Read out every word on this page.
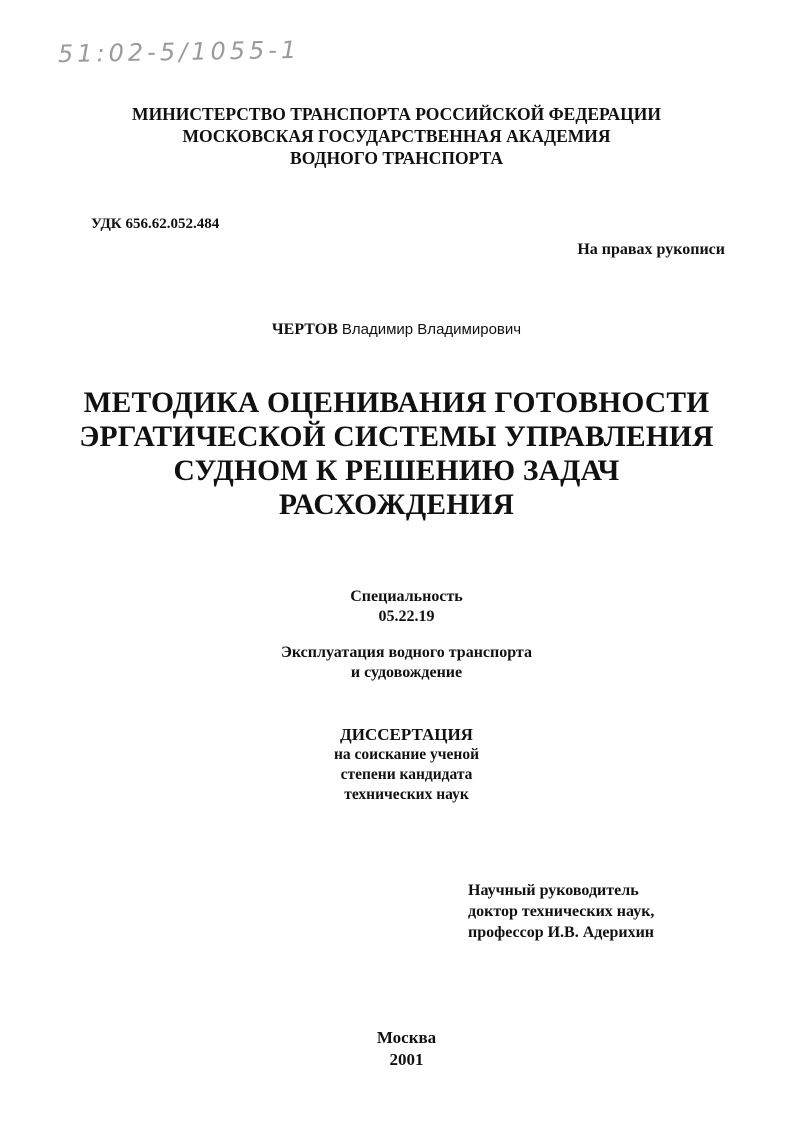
51:02-5/1055-1
МИНИСТЕРСТВО ТРАНСПОРТА РОССИЙСКОЙ ФЕДЕРАЦИИ
МОСКОВСКАЯ ГОСУДАРСТВЕННАЯ АКАДЕМИЯ
ВОДНОГО ТРАНСПОРТА
УДК 656.62.052.484
На правах рукописи
ЧЕРТОВ Владимир Владимирович
МЕТОДИКА ОЦЕНИВАНИЯ ГОТОВНОСТИ
ЭРГАТИЧЕСКОЙ СИСТЕМЫ УПРАВЛЕНИЯ
СУДНОМ К РЕШЕНИЮ ЗАДАЧ
РАСХОЖДЕНИЯ
Специальность
05.22.19
Эксплуатация водного транспорта
и судовождение
ДИССЕРТАЦИЯ
на соискание ученой
степени кандидата
технических наук
Научный руководитель
доктор технических наук,
профессор И.В. Адерихин
Москва
2001
